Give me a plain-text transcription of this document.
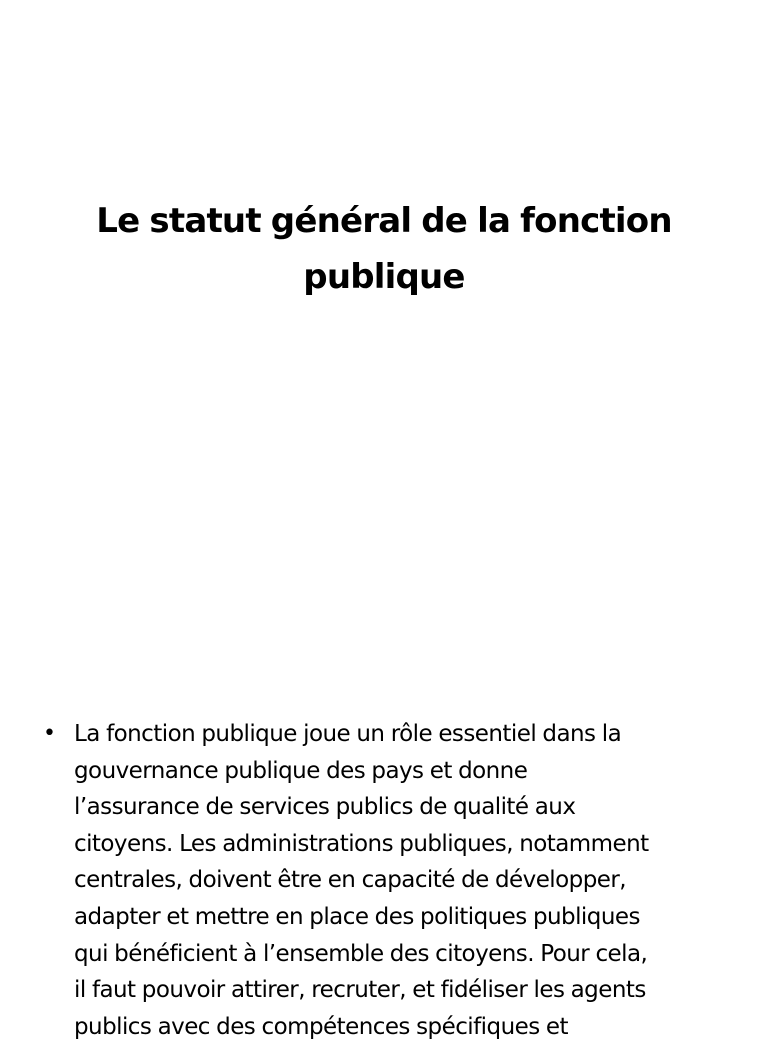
Le statut général de la fonction
publique
• La fonction publique joue un rôle essentiel dans la
gouvernance publique des pays et donne
l’assurance de services publics de qualité aux
citoyens. Les administrations publiques, notamment
centrales, doivent être en capacité de développer,
adapter et mettre en place des politiques publiques
qui bénéficient à l’ensemble des citoyens. Pour cela,
il faut pouvoir attirer, recruter, et fidéliser les agents
publics avec des compétences spécifiques et
